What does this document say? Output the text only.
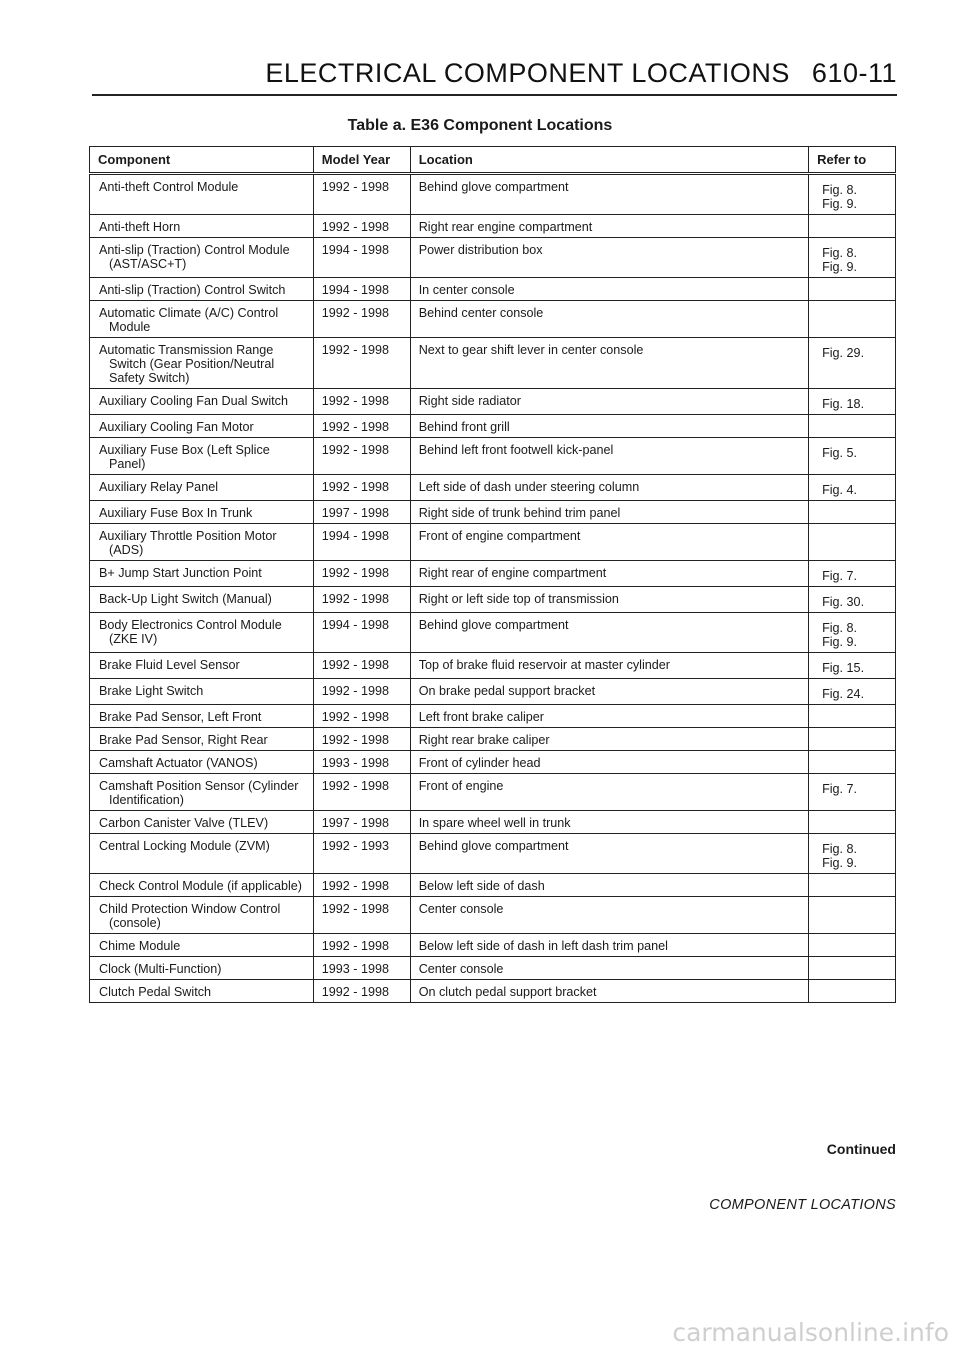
ELECTRICAL COMPONENT LOCATIONS 610-11
Table a. E36 Component Locations
Component	Model Year	Location	Refer to
Anti-theft Control Module	1992 - 1998	Behind glove compartment	Fig. 8.
Fig. 9.
Anti-theft Horn	1992 - 1998	Right rear engine compartment	

Anti-slip (Traction) Control Module
(AST/ASC+T)	1994 - 1998	Power distribution box	Fig. 8.
Fig. 9.
Anti-slip (Traction) Control Switch	1994 - 1998	In center console	

Automatic Climate (A/C) Control
Module	1992 - 1998	Behind center console	

Automatic Transmission Range
Switch (Gear Position/Neutral
Safety Switch)	1992 - 1998	Next to gear shift lever in center console	Fig. 29.
Auxiliary Cooling Fan Dual Switch	1992 - 1998	Right side radiator	Fig. 18.
Auxiliary Cooling Fan Motor	1992 - 1998	Behind front grill	

Auxiliary Fuse Box (Left Splice
Panel)	1992 - 1998	Behind left front footwell kick-panel	Fig. 5.
Auxiliary Relay Panel	1992 - 1998	Left side of dash under steering column	Fig. 4.
Auxiliary Fuse Box In Trunk	1997 - 1998	Right side of trunk behind trim panel	

Auxiliary Throttle Position Motor
(ADS)	1994 - 1998	Front of engine compartment	
B+ Jump Start Junction Point	1992 - 1998	Right rear of engine compartment	Fig. 7.
Back-Up Light Switch (Manual)	1992 - 1998	Right or left side top of transmission	Fig. 30.

Body Electronics Control Module
(ZKE IV)	1994 - 1998	Behind glove compartment	Fig. 8.
Fig. 9.
Brake Fluid Level Sensor	1992 - 1998	Top of brake fluid reservoir at master cylinder	Fig. 15.
Brake Light Switch	1992 - 1998	On brake pedal support bracket	Fig. 24.
Brake Pad Sensor, Left Front	1992 - 1998	Left front brake caliper	
Brake Pad Sensor, Right Rear	1992 - 1998	Right rear brake caliper	
Camshaft Actuator (VANOS)	1993 - 1998	Front of cylinder head	

Camshaft Position Sensor (Cylinder
Identification)	1992 - 1998	Front of engine	Fig. 7.
Carbon Canister Valve (TLEV)	1997 - 1998	In spare wheel well in trunk	
Central Locking Module (ZVM)	1992 - 1993	Behind glove compartment	Fig. 8.
Fig. 9.
Check Control Module (if applicable)	1992 - 1998	Below left side of dash	

Child Protection Window Control
(console)	1992 - 1998	Center console	
Chime Module	1992 - 1998	Below left side of dash in left dash trim panel	
Clock (Multi-Function)	1993 - 1998	Center console	
Clutch Pedal Switch	1992 - 1998	On clutch pedal support bracket	
Continued
COMPONENT LOCATIONS
carmanualsonline.info
